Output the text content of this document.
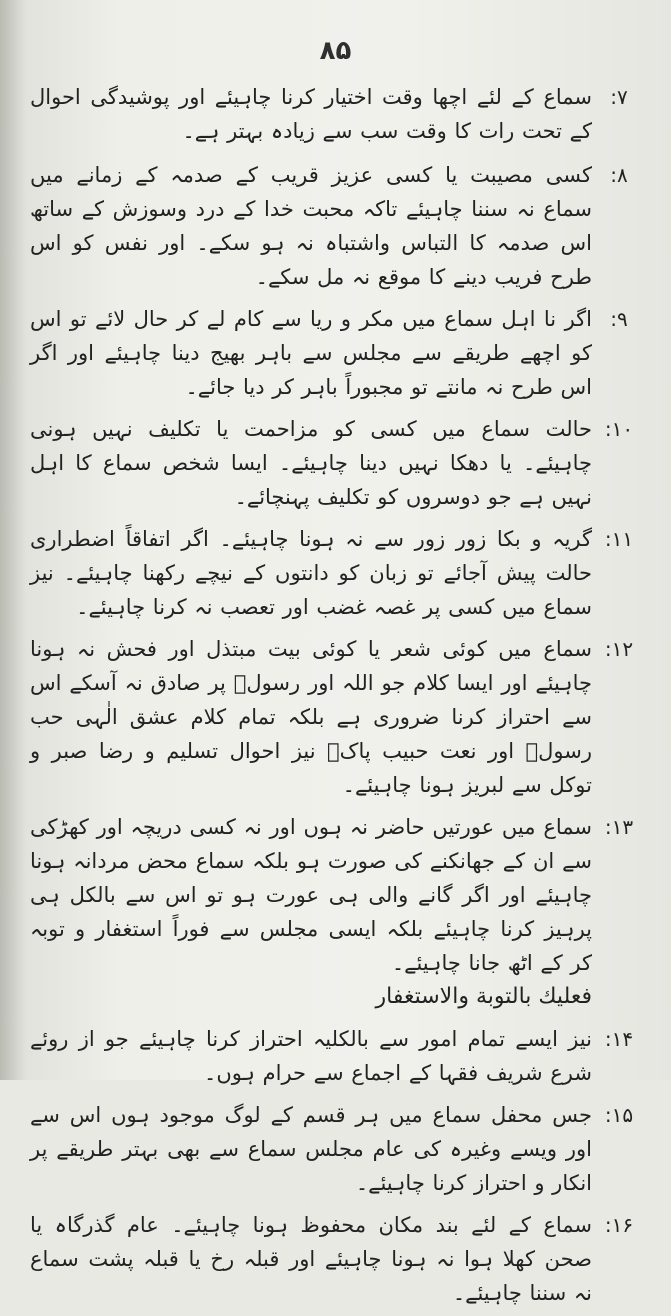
۸۵
۷:
سماع کے لئے اچھا وقت اختیار کرنا چاہیئے اور پوشیدگی احوال کے تحت رات کا وقت سب سے زیادہ بہتر ہے۔
۸:
کسی مصیبت یا کسی عزیز قریب کے صدمہ کے زمانے میں سماع نہ سننا چاہیئے تاکہ محبت خدا کے درد وسوزش کے ساتھ اس صدمہ کا التباس واشتباہ نہ ہو سکے۔ اور نفس کو اس طرح فریب دینے کا موقع نہ مل سکے۔
۹:
اگر نا اہل سماع میں مکر و ریا سے کام لے کر حال لائے تو اس کو اچھے طریقے سے مجلس سے باہر بھیج دینا چاہیئے اور اگر اس طرح نہ مانتے تو مجبوراً باہر کر دیا جائے۔
۱۰:
حالت سماع میں کسی کو مزاحمت یا تکلیف نہیں ہونی چاہیئے۔ یا دھکا نہیں دینا چاہیئے۔ ایسا شخص سماع کا اہل نہیں ہے جو دوسروں کو تکلیف پہنچائے۔
۱۱:
گریہ و بکا زور زور سے نہ ہونا چاہیئے۔ اگر اتفاقاً اضطراری حالت پیش آجائے تو زبان کو دانتوں کے نیچے رکھنا چاہیئے۔ نیز سماع میں کسی پر غصہ غضب اور تعصب نہ کرنا چاہیئے۔
۱۲:
سماع میں کوئی شعر یا کوئی بیت مبتذل اور فحش نہ ہونا چاہیئے اور ایسا کلام جو اللہ اور رسولؐ پر صادق نہ آسکے اس سے احتراز کرنا ضروری ہے بلکہ تمام کلام عشق الٰہی حب رسولؐ اور نعت حبیب پاکؐ نیز احوال تسلیم و رضا صبر و توکل سے لبریز ہونا چاہیئے۔
۱۳:
سماع میں عورتیں حاضر نہ ہوں اور نہ کسی دریچہ اور کھڑکی سے ان کے جھانکنے کی صورت ہو بلکہ سماع محض مردانہ ہونا چاہیئے اور اگر گانے والی ہی عورت ہو تو اس سے بالکل ہی پرہیز کرنا چاہیئے بلکہ ایسی مجلس سے فوراً استغفار و توبہ کر کے اٹھ جانا چاہیئے۔
فعلیك بالتوبة والاستغفار
۱۴:
نیز ایسے تمام امور سے بالکلیہ احتراز کرنا چاہیئے جو از روئے شرع شریف فقہا کے اجماع سے حرام ہوں۔
۱۵:
جس محفل سماع میں ہر قسم کے لوگ موجود ہوں اس سے اور ویسے وغیرہ کی عام مجلس سماع سے بھی بہتر طریقے پر انکار و احتراز کرنا چاہیئے۔
۱۶:
سماع کے لئے بند مکان محفوظ ہونا چاہیئے۔ عام گذرگاہ یا صحن کھلا ہوا نہ ہونا چاہیئے اور قبلہ رخ یا قبلہ پشت سماع نہ سننا چاہیئے۔
